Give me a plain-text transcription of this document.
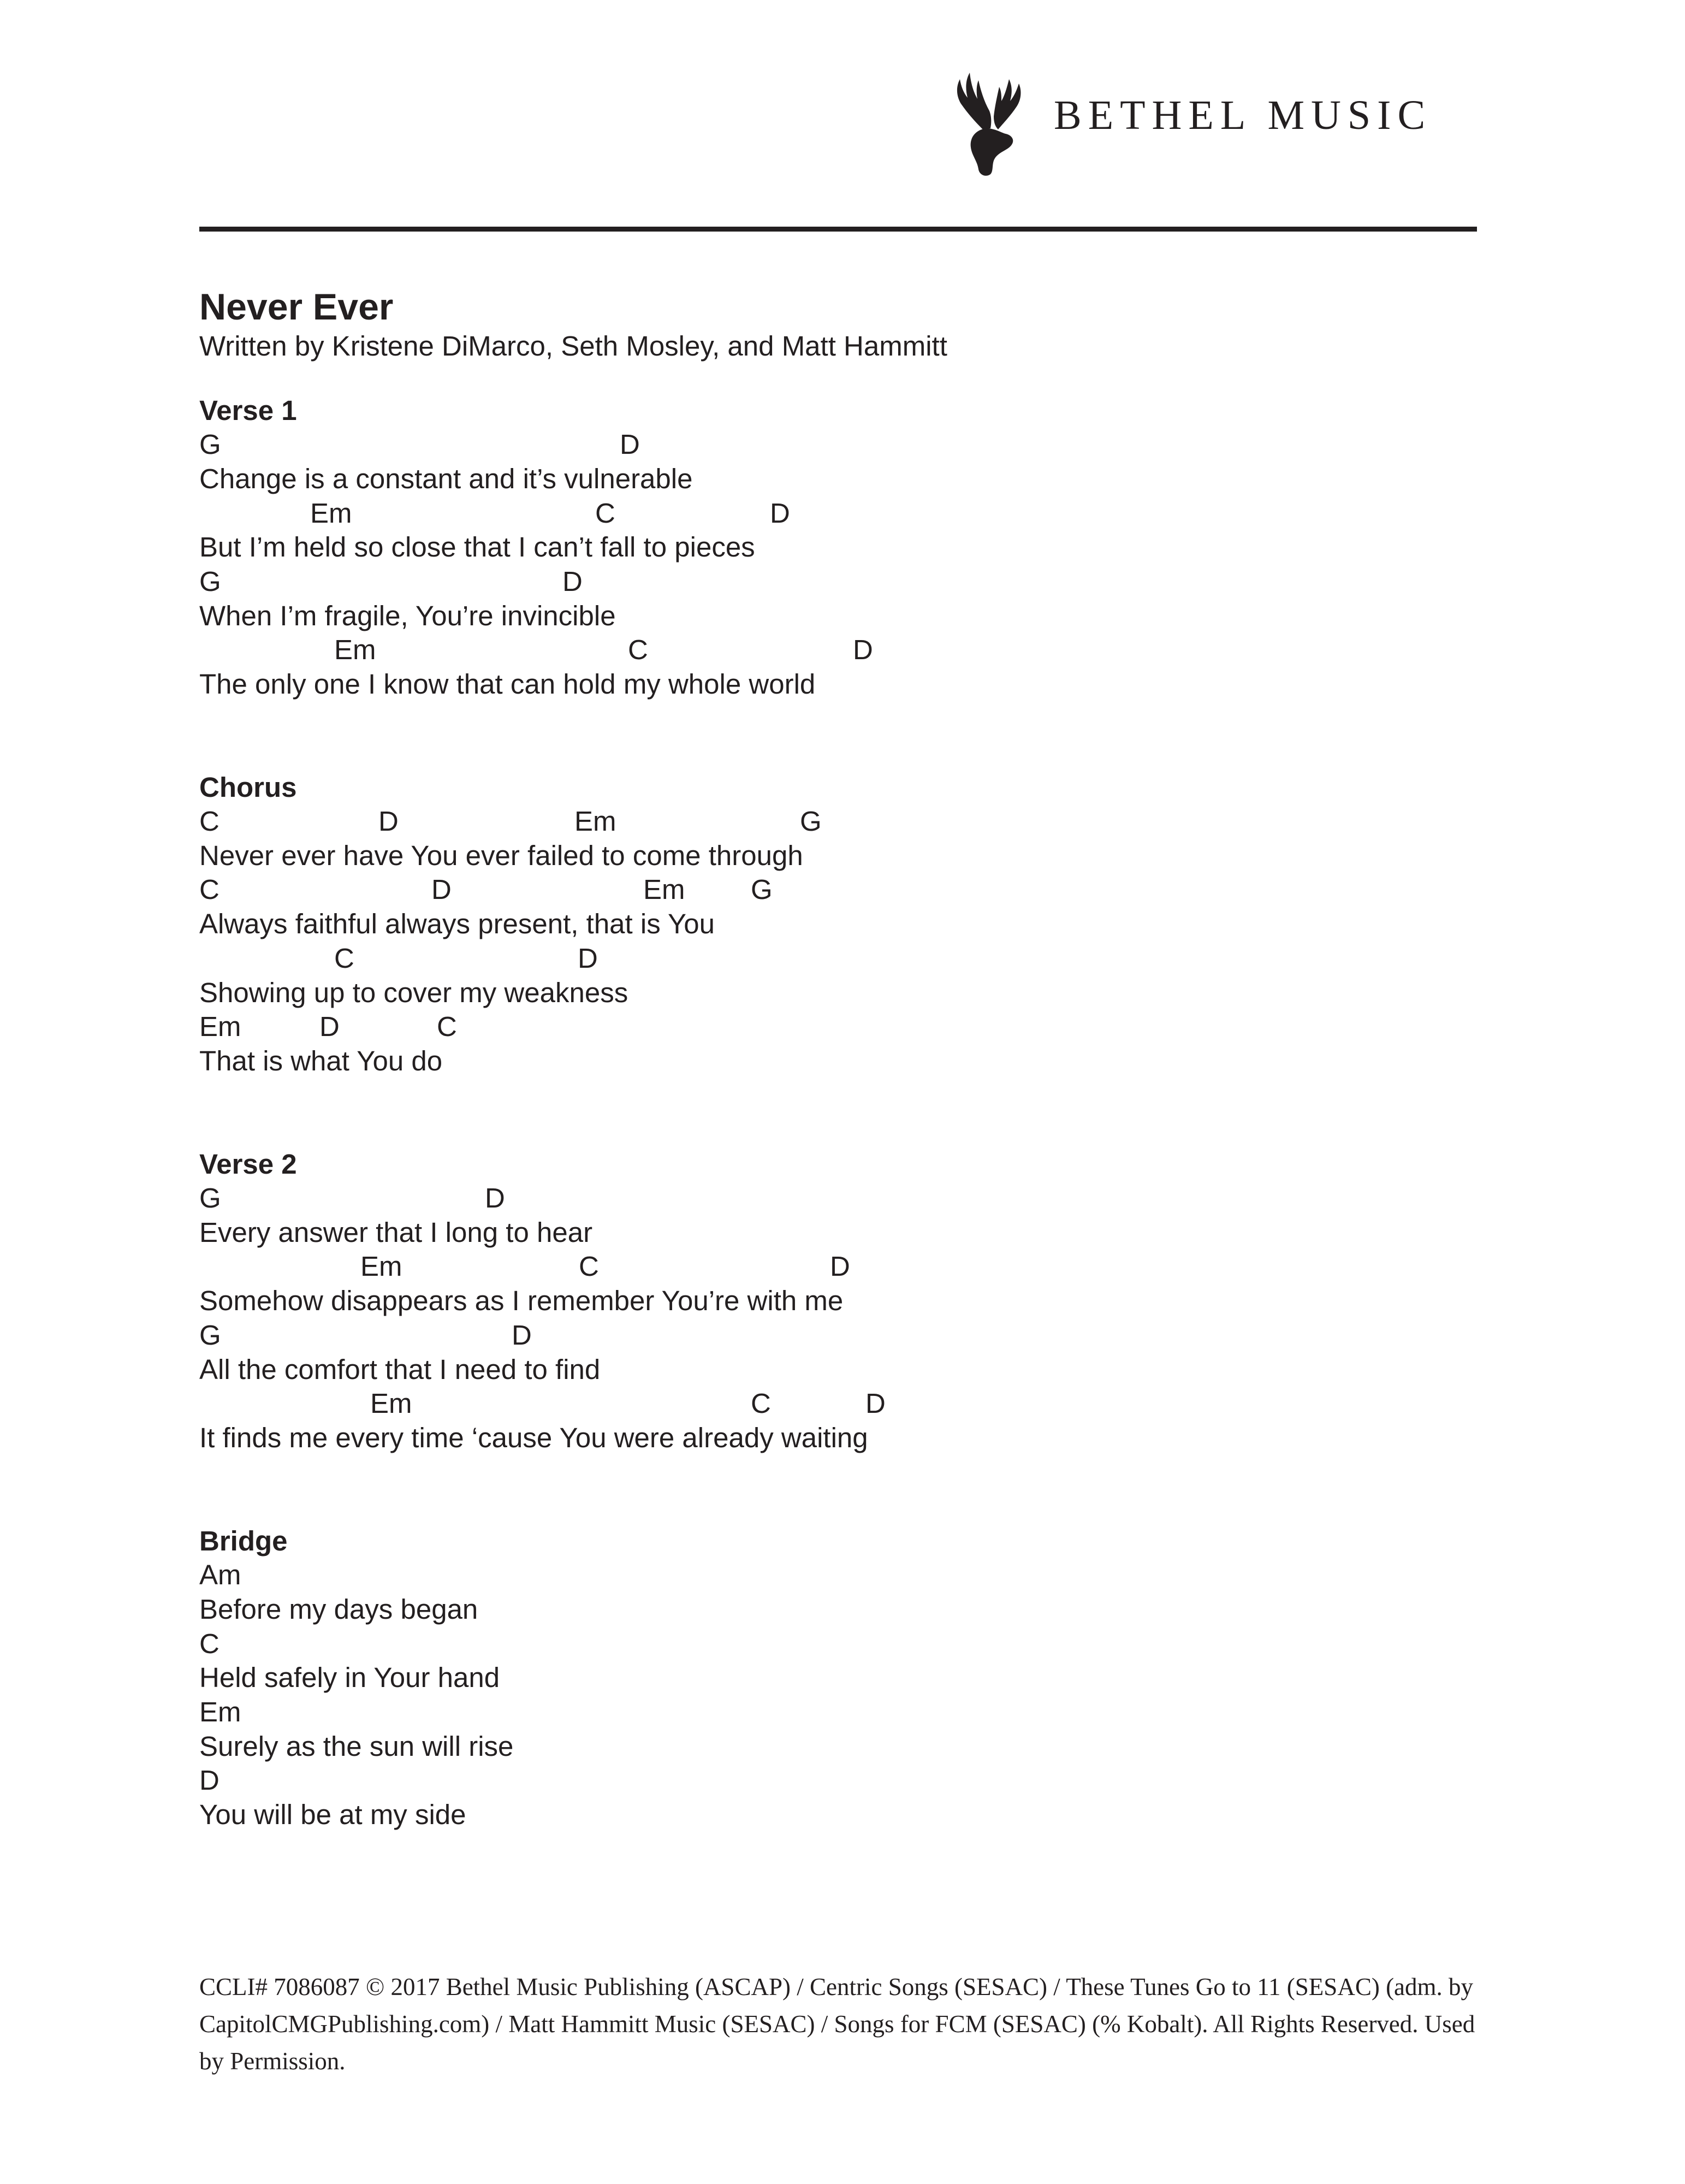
BETHEL MUSIC
Never Ever
Written by Kristene DiMarco, Seth Mosley, and Matt Hammitt
Verse 1
G	D
Change is a constant and it’s vulnerable
Em	C	D
But I’m held so close that I can’t fall to pieces
G	D
When I’m fragile, You’re invincible
Em	C	D
The only one I know that can hold my whole world
Chorus
C	D	Em	G
Never ever have You ever failed to come through
C	D	Em G
Always faithful always present, that is You
C	D
Showing up to cover my weakness
Em	D	C
That is what You do
Verse 2
G	D
Every answer that I long to hear
Em	C	D
Somehow disappears as I remember You’re with me
G	D
All the comfort that I need to find
Em	C	D
It finds me every time ‘cause You were already waiting
Bridge
Am
Before my days began
C
Held safely in Your hand
Em
Surely as the sun will rise
D
You will be at my side
CCLI# 7086087 © 2017 Bethel Music Publishing (ASCAP) / Centric Songs (SESAC) / These Tunes Go to 11 (SESAC) (adm. by CapitolCMGPublishing.com) / Matt Hammitt Music (SESAC) / Songs for FCM (SESAC) (% Kobalt). All Rights Reserved. Used by Permission.
